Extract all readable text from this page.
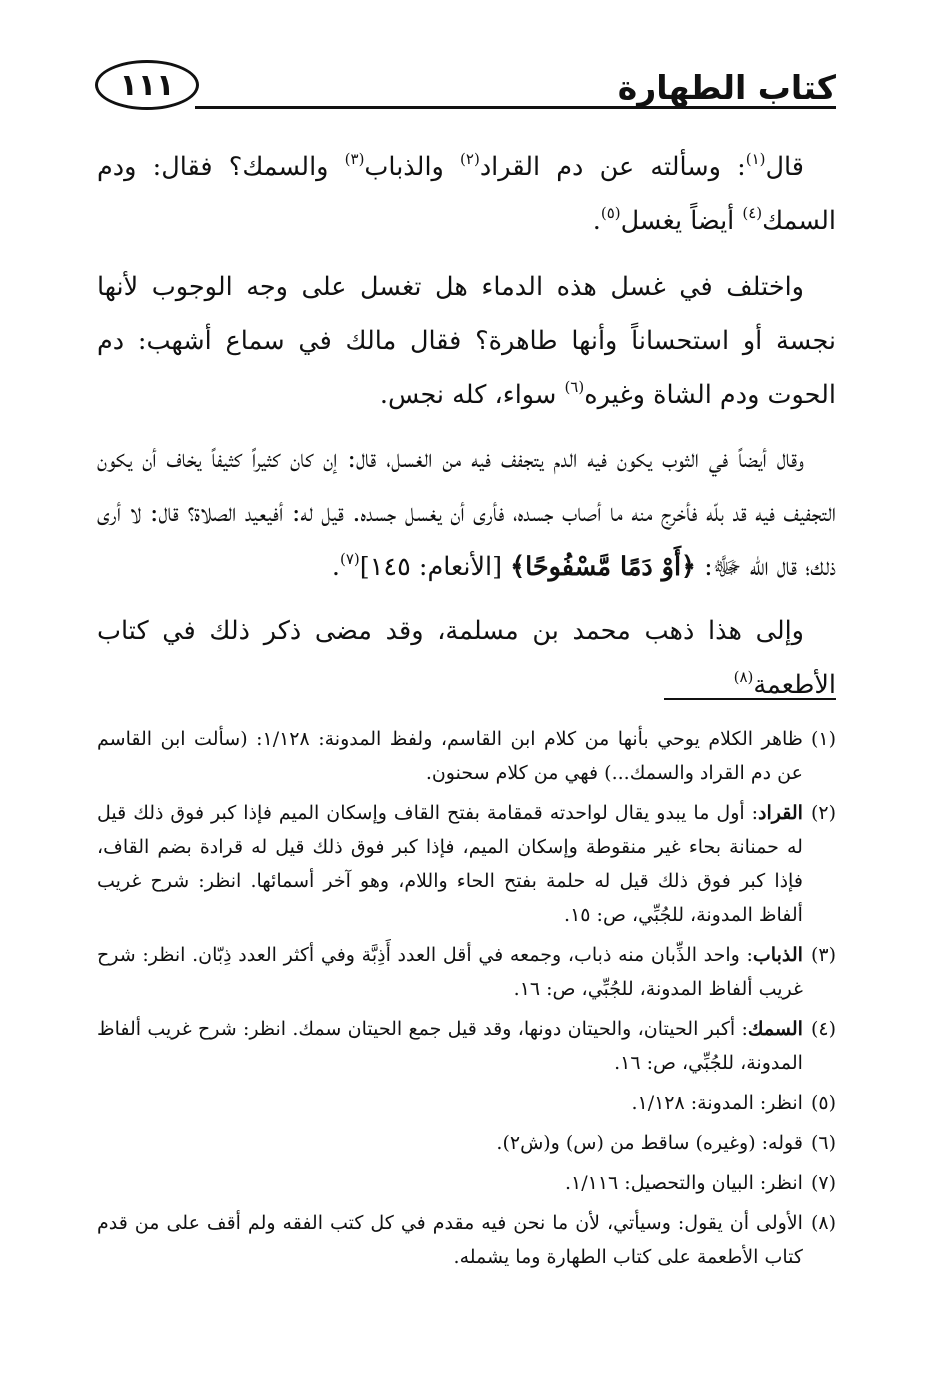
كتاب الطهارة
١١١

قال$^{(١)}$: وسألته عن دم القراد$^{(٢)}$ والذباب$^{(٣)}$ والسمك؟ فقال: ودم السمك$^{(٤)}$ أيضاً يغسل$^{(٥)}$.

واختلف في غسل هذه الدماء هل تغسل على وجه الوجوب لأنها نجسة أو استحساناً وأنها طاهرة؟ فقال مالك في سماع أشهب: دم الحوت ودم الشاة وغيره$^{(٦)}$ سواء، كله نجس.

وقال أيضاً في الثوب يكون فيه الدم يتجفف فيه من الغسل، قال: إن كان كثيراً كثيفاً يخاف أن يكون التجفيف فيه قد بلّه فأخرج منه ما أصاب جسده، فأرى أن يغسل جسده. قيل له: أفيعيد الصلاة؟ قال: لا أرى ذلك؛ قال الله ﷻ: ﴿أَوْ دَمًا مَّسْفُوحًا﴾ [الأنعام: ١٤٥]$^{(٧)}$.

وإلى هذا ذهب محمد بن مسلمة، وقد مضى ذكر ذلك في كتاب الأطعمة$^{(٨)}$

(١)
ظاهر الكلام يوحي بأنها من كلام ابن القاسم، ولفظ المدونة: ١/١٢٨: (سألت ابن القاسم عن دم القراد والسمك...) فهي من كلام سحنون.
(٢)
القراد: أول ما يبدو يقال لواحدته قمقامة بفتح القاف وإسكان الميم فإذا كبر فوق ذلك قيل له حمنانة بحاء غير منقوطة وإسكان الميم، فإذا كبر فوق ذلك قيل له قرادة بضم القاف، فإذا كبر فوق ذلك قيل له حلمة بفتح الحاء واللام، وهو آخر أسمائها. انظر: شرح غريب ألفاظ المدونة، للجُبِّي، ص: ١٥.
(٣)
الذباب: واحد الذِّبان منه ذباب، وجمعه في أقل العدد أَذِبَّة وفي أكثر العدد ذِبّان. انظر: شرح غريب ألفاظ المدونة، للجُبِّي، ص: ١٦.
(٤)
السمك: أكبر الحيتان، والحيتان دونها، وقد قيل جمع الحيتان سمك. انظر: شرح غريب ألفاظ المدونة، للجُبِّي، ص: ١٦.
(٥)
انظر: المدونة: ١/١٢٨.
(٦)
قوله: (وغيره) ساقط من (س) و(ش٢).
(٧)
انظر: البيان والتحصيل: ١/١١٦.
(٨)
الأولى أن يقول: وسيأتي، لأن ما نحن فيه مقدم في كل كتب الفقه ولم أقف على من قدم كتاب الأطعمة على كتاب الطهارة وما يشمله.
